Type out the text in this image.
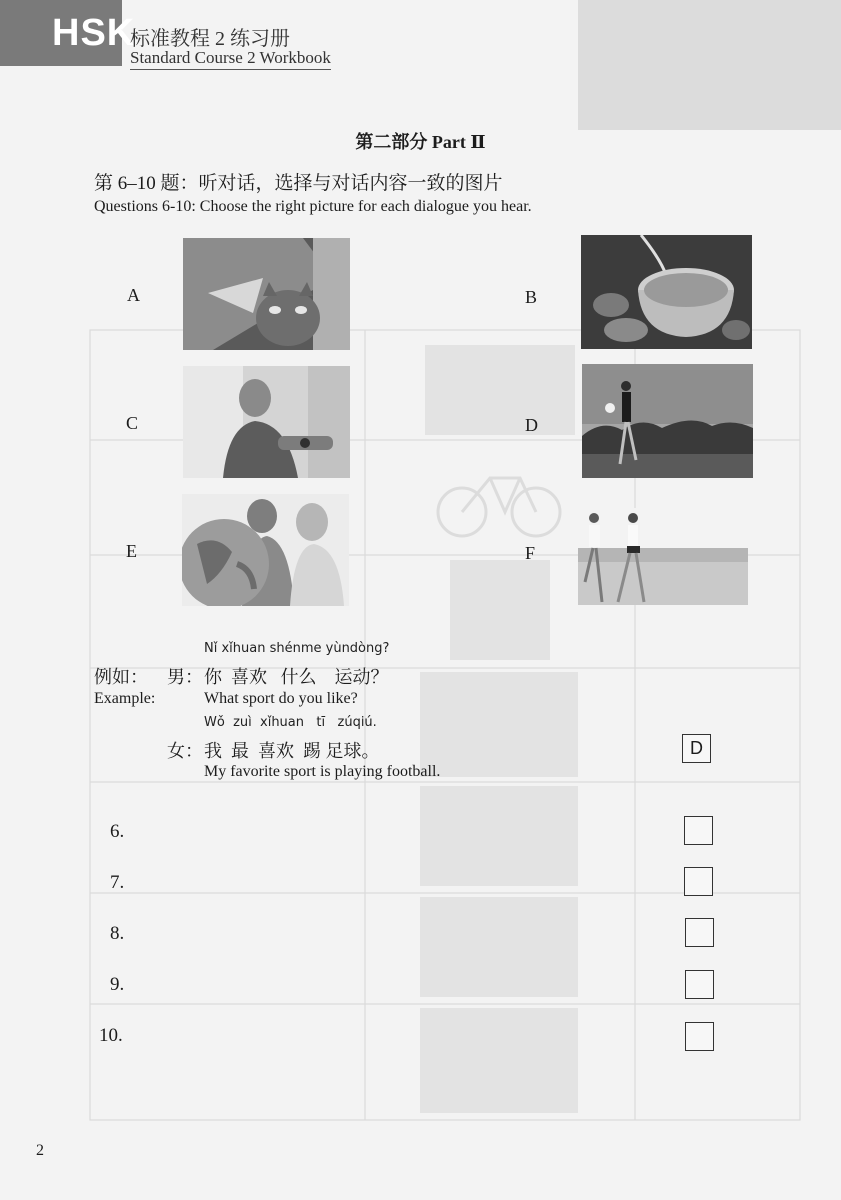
HSK
标准教程 2 练习册
Standard Course 2 Workbook
第二部分 Part Ⅱ
第 6–10 题：听对话，选择与对话内容一致的图片
Questions 6-10: Choose the right picture for each dialogue you hear.
A	B
C	D
E	F
Nǐ xǐhuan shénme yùndòng?
例如： 男： 你  喜欢   什么    运动？
Example:	What sport do you like?
Wǒ  zuì  xǐhuan   tī   zúqiú.
女： 我  最  喜欢  踢 足球。
My favorite sport is playing football.
D
6.
7.
8.
9.
10.
2
